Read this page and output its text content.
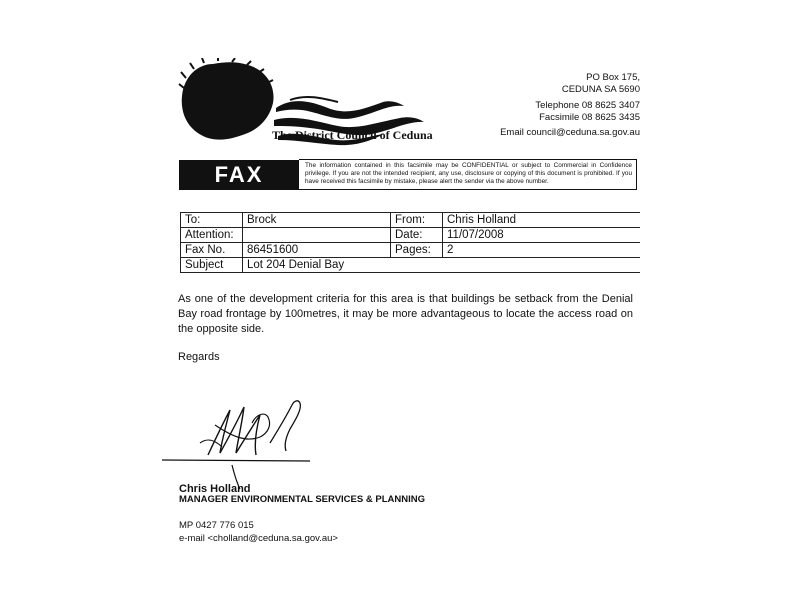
The District Council of Ceduna
PO Box 175,
CEDUNA SA 5690
Telephone 08 8625 3407
Facsimile 08 8625 3435
Email council@ceduna.sa.gov.au
FAX	The information contained in this facsimile may be CONFIDENTIAL or subject to Commercial in Confidence privilege. If you are not the intended recipient, any use, disclosure or copying of this document is prohibited. If you have received this facsimile by mistake, please alert the sender via the above number.
To:	Brock	From:	Chris Holland
Attention:		Date:	11/07/2008
Fax No.	86451600	Pages:	2
Subject	Lot 204 Denial Bay		
As one of the development criteria for this area is that buildings be setback from the Denial Bay road frontage by 100metres, it may be more advantageous to locate the access road on the opposite side.
Regards
Chris Holland
MANAGER ENVIRONMENTAL SERVICES & PLANNING
MP 0427 776 015
e-mail <cholland@ceduna.sa.gov.au>
